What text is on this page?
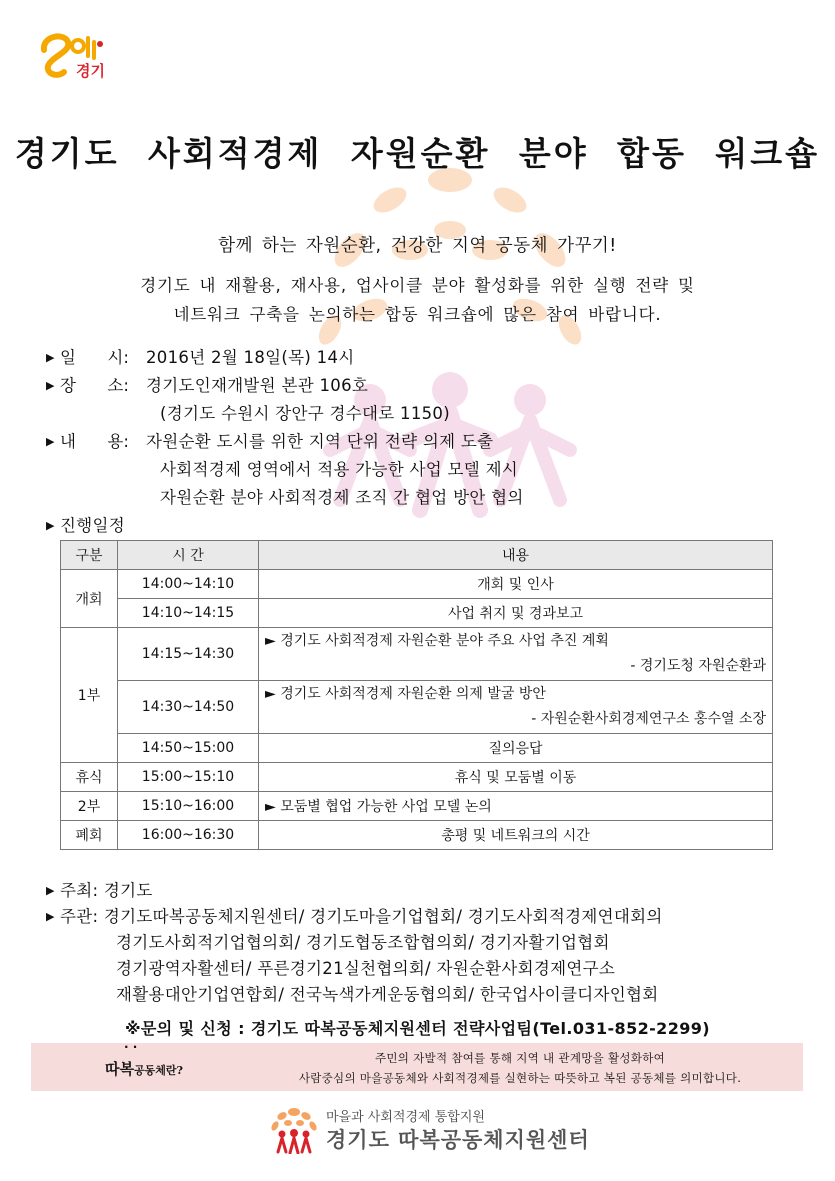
경기
경기도 사회적경제 자원순환 분야 합동 워크숍
함께 하는 자원순환, 건강한 지역 공동체 가꾸기!
경기도 내 재활용, 재사용, 업사이클 분야 활성화를 위한 실행 전략 및
네트워크 구축을 논의하는 합동 워크숍에 많은 참여 바랍니다.
▶ 일      시: 2016년 2월 18일(목) 14시
▶ 장      소: 경기도인재개발원 본관 106호
(경기도 수원시 장안구 경수대로 1150)
▶ 내      용: 자원순환 도시를 위한 지역 단위 전략 의제 도출
사회적경제 영역에서 적용 가능한 사업 모델 제시
자원순환 분야 사회적경제 조직 간 협업 방안 협의
▶ 진행일정
구분	시 간	내용
개회	14:00~14:10	개회 및 인사
	14:10~14:15	사업 취지 및 경과보고
1부	14:15~14:30	► 경기도 사회적경제 자원순환 분야 주요 사업 추진 계획
- 경기도청 자원순환과

	14:30~14:50	► 경기도 사회적경제 자원순환 의제 발굴 방안
- 자원순환사회경제연구소 홍수열 소장

	14:50~15:00	질의응답
휴식	15:00~15:10	휴식 및 모둠별 이동
2부	15:10~16:00	► 모둠별 협업 가능한 사업 모델 논의
폐회	16:00~16:30	총평 및 네트워크의 시간
▶ 주최: 경기도
▶ 주관: 경기도따복공동체지원센터/ 경기도마을기업협회/ 경기도사회적경제연대회의
경기도사회적기업협의회/ 경기도협동조합협의회/ 경기자활기업협회
경기광역자활센터/ 푸른경기21실천협의회/ 자원순환사회경제연구소
재활용대안기업연합회/ 전국녹색가게운동협의회/ 한국업사이클디자인협회
※문의 및 신청 : 경기도 따복공동체지원센터 전략사업팀(Tel.031-852-2299)
· ·
따복공동체란?
주민의 자발적 참여를 통해 지역 내 관계망을 활성화하여
사람중심의 마을공동체와 사회적경제를 실현하는 따뜻하고 복된 공동체를 의미합니다.
마을과 사회적경제 통합지원
경기도 따복공동체지원센터
